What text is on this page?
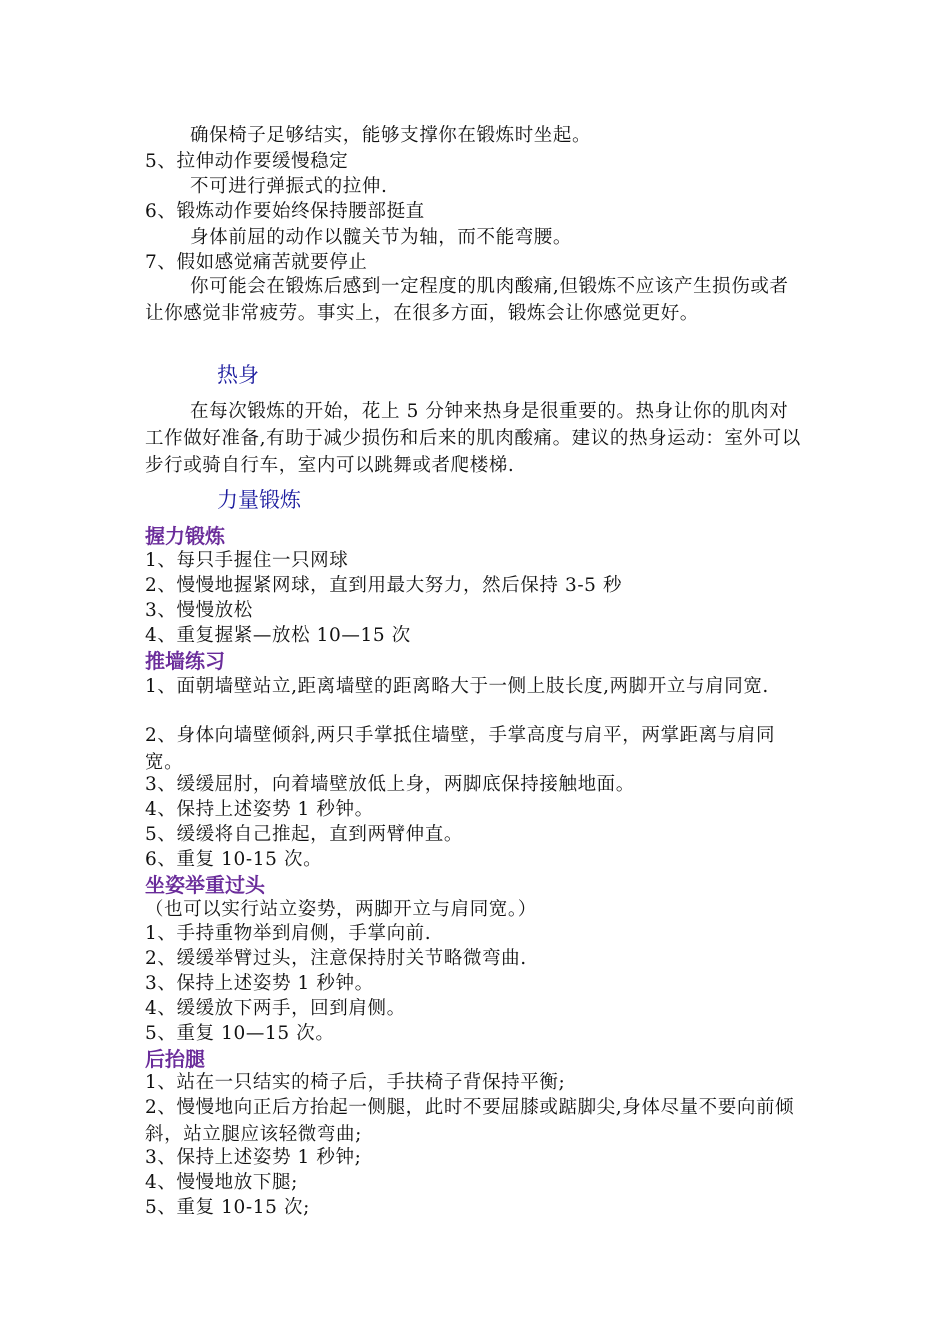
确保椅子足够结实，能够支撑你在锻炼时坐起。
5、拉伸动作要缓慢稳定
不可进行弹振式的拉伸.
6、锻炼动作要始终保持腰部挺直
身体前屈的动作以髋关节为轴，而不能弯腰。
7、假如感觉痛苦就要停止
你可能会在锻炼后感到一定程度的肌肉酸痛,但锻炼不应该产生损伤或者让你感觉非常疲劳。事实上，在很多方面，锻炼会让你感觉更好。
热身
在每次锻炼的开始，花上 5 分钟来热身是很重要的。热身让你的肌肉对工作做好准备,有助于减少损伤和后来的肌肉酸痛。建议的热身运动：室外可以步行或骑自行车，室内可以跳舞或者爬楼梯.
力量锻炼
握力锻炼
1、每只手握住一只网球
2、慢慢地握紧网球，直到用最大努力，然后保持 3-5 秒
3、慢慢放松
4、重复握紧—放松 10—15 次
推墙练习
1、面朝墙壁站立,距离墙壁的距离略大于一侧上肢长度,两脚开立与肩同宽.
2、身体向墙壁倾斜,两只手掌抵住墙壁，手掌高度与肩平，两掌距离与肩同宽。
3、缓缓屈肘，向着墙壁放低上身，两脚底保持接触地面。
4、保持上述姿势 1 秒钟。
5、缓缓将自己推起，直到两臂伸直。
6、重复 10-15 次。
坐姿举重过头
（也可以实行站立姿势，两脚开立与肩同宽。）
1、手持重物举到肩侧，手掌向前.
2、缓缓举臂过头，注意保持肘关节略微弯曲.
3、保持上述姿势 1 秒钟。
4、缓缓放下两手，回到肩侧。
5、重复 10—15 次。
后抬腿
1、站在一只结实的椅子后，手扶椅子背保持平衡;
2、慢慢地向正后方抬起一侧腿，此时不要屈膝或踮脚尖,身体尽量不要向前倾斜，站立腿应该轻微弯曲;
3、保持上述姿势 1 秒钟;
4、慢慢地放下腿;
5、重复 10-15 次;
